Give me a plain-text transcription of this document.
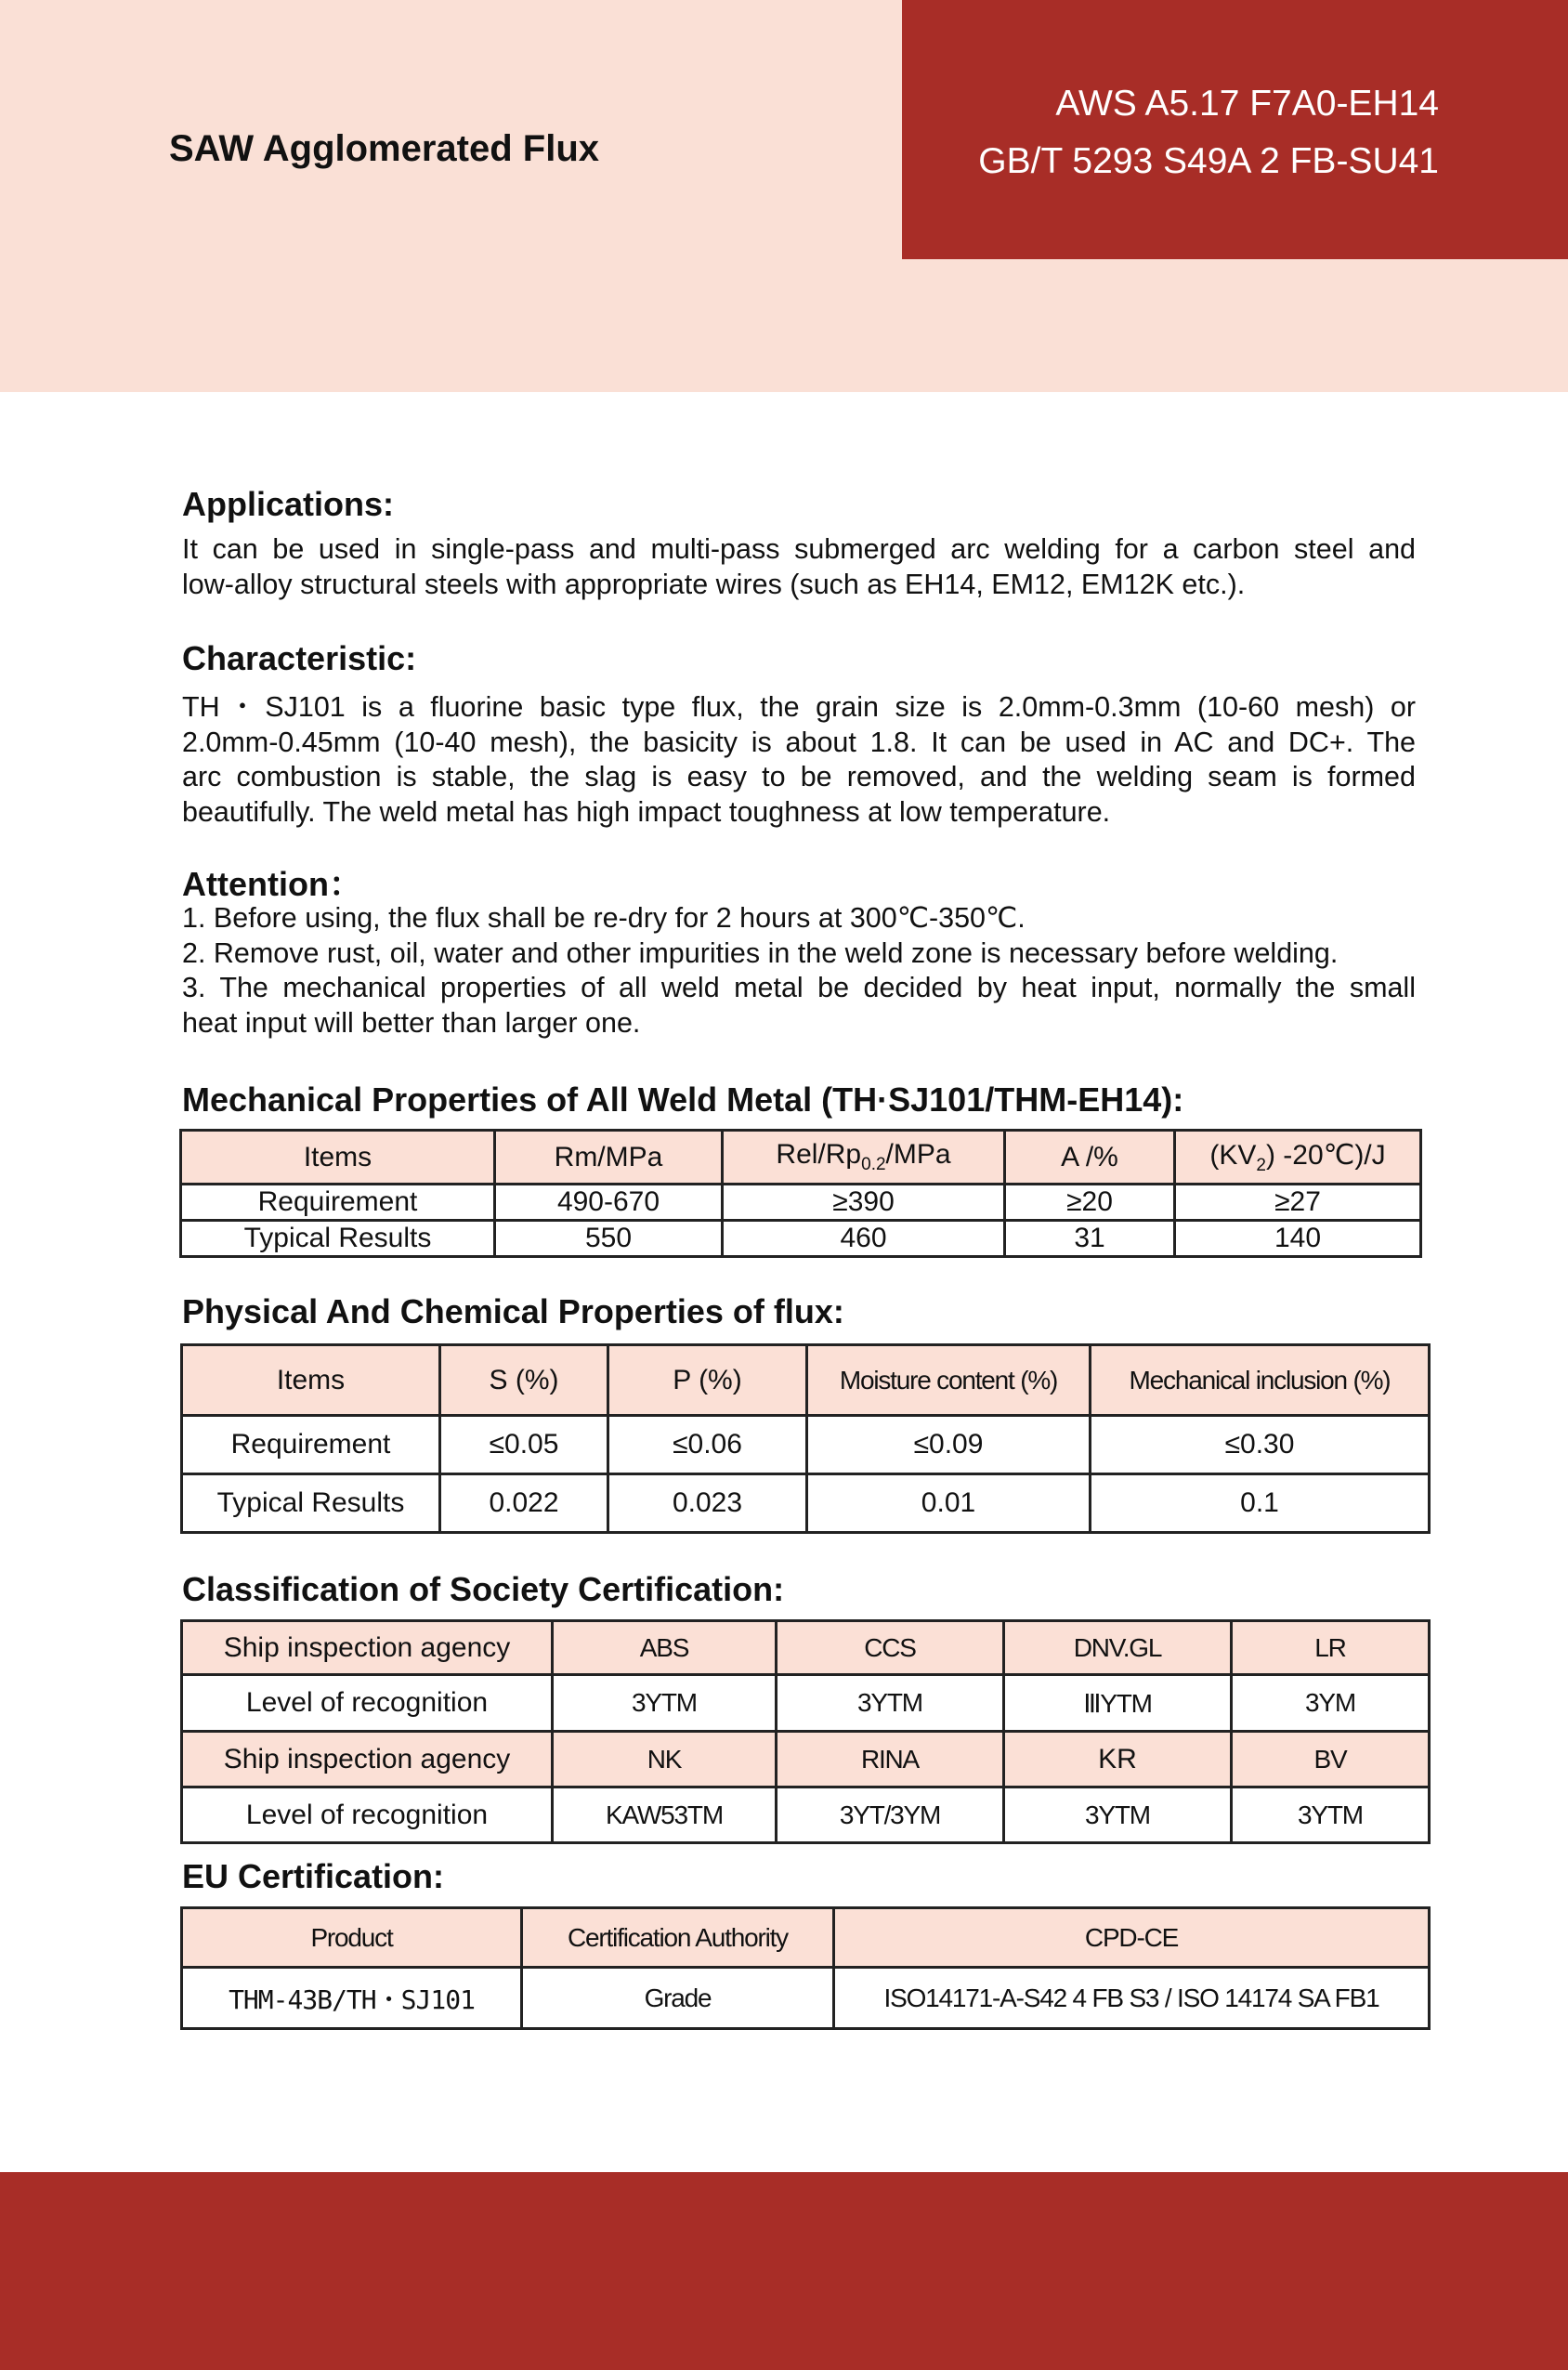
SAW Agglomerated Flux
AWS A5.17 F7A0-EH14
GB/T 5293 S49A 2 FB-SU41
Applications:

It can be used in single-pass and multi-pass submerged arc welding for a carbon steel and
low-alloy structural steels with appropriate wires (such as EH14, EM12, EM12K etc.).

Characteristic:

TH・SJ101 is a fluorine basic type flux, the grain size is 2.0mm-0.3mm (10-60 mesh) or
2.0mm-0.45mm (10-40 mesh), the basicity is about 1.8. It can be used in AC and DC+. The
arc combustion is stable, the slag is easy to be removed, and the welding seam is formed
beautifully. The weld metal has high impact toughness at low temperature.

Attention：
1. Before using, the flux shall be re-dry for 2 hours at 300℃-350℃.
2. Remove rust, oil, water and other impurities in the weld zone is necessary before welding.
3. The mechanical properties of all weld metal be decided by heat input, normally the small
heat input will better than larger one.
Mechanical Properties of All Weld Metal (TH·SJ101/THM-EH14):
Items	Rm/MPa	Rel/$Rp_{0.2}$/MPa	A /%	$(KV_2)$ -20℃)/J
Requirement	490-670	≥390	≥20	≥27
Typical Results	550	460	31	140
Physical And Chemical Properties of flux:
Items	S (%)	P (%)	Moisture content (%)	Mechanical inclusion (%)
Requirement	≤0.05	≤0.06	≤0.09	≤0.30
Typical Results	0.022	0.023	0.01	0.1
Classification of Society Certification:
Ship inspection agency	ABS	CCS	DNV.GL	LR
Level of recognition	3YTM	3YTM	ⅢYTM	3YM
Ship inspection agency	NK	RINA	KR	BV
Level of recognition	KAW53TM	3YT/3YM	3YTM	3YTM
EU Certification:
Product	Certification Authority	CPD-CE
THM-43B/TH・SJ101	Grade	ISO14171-A-S42 4 FB S3 / ISO 14174 SA FB1
